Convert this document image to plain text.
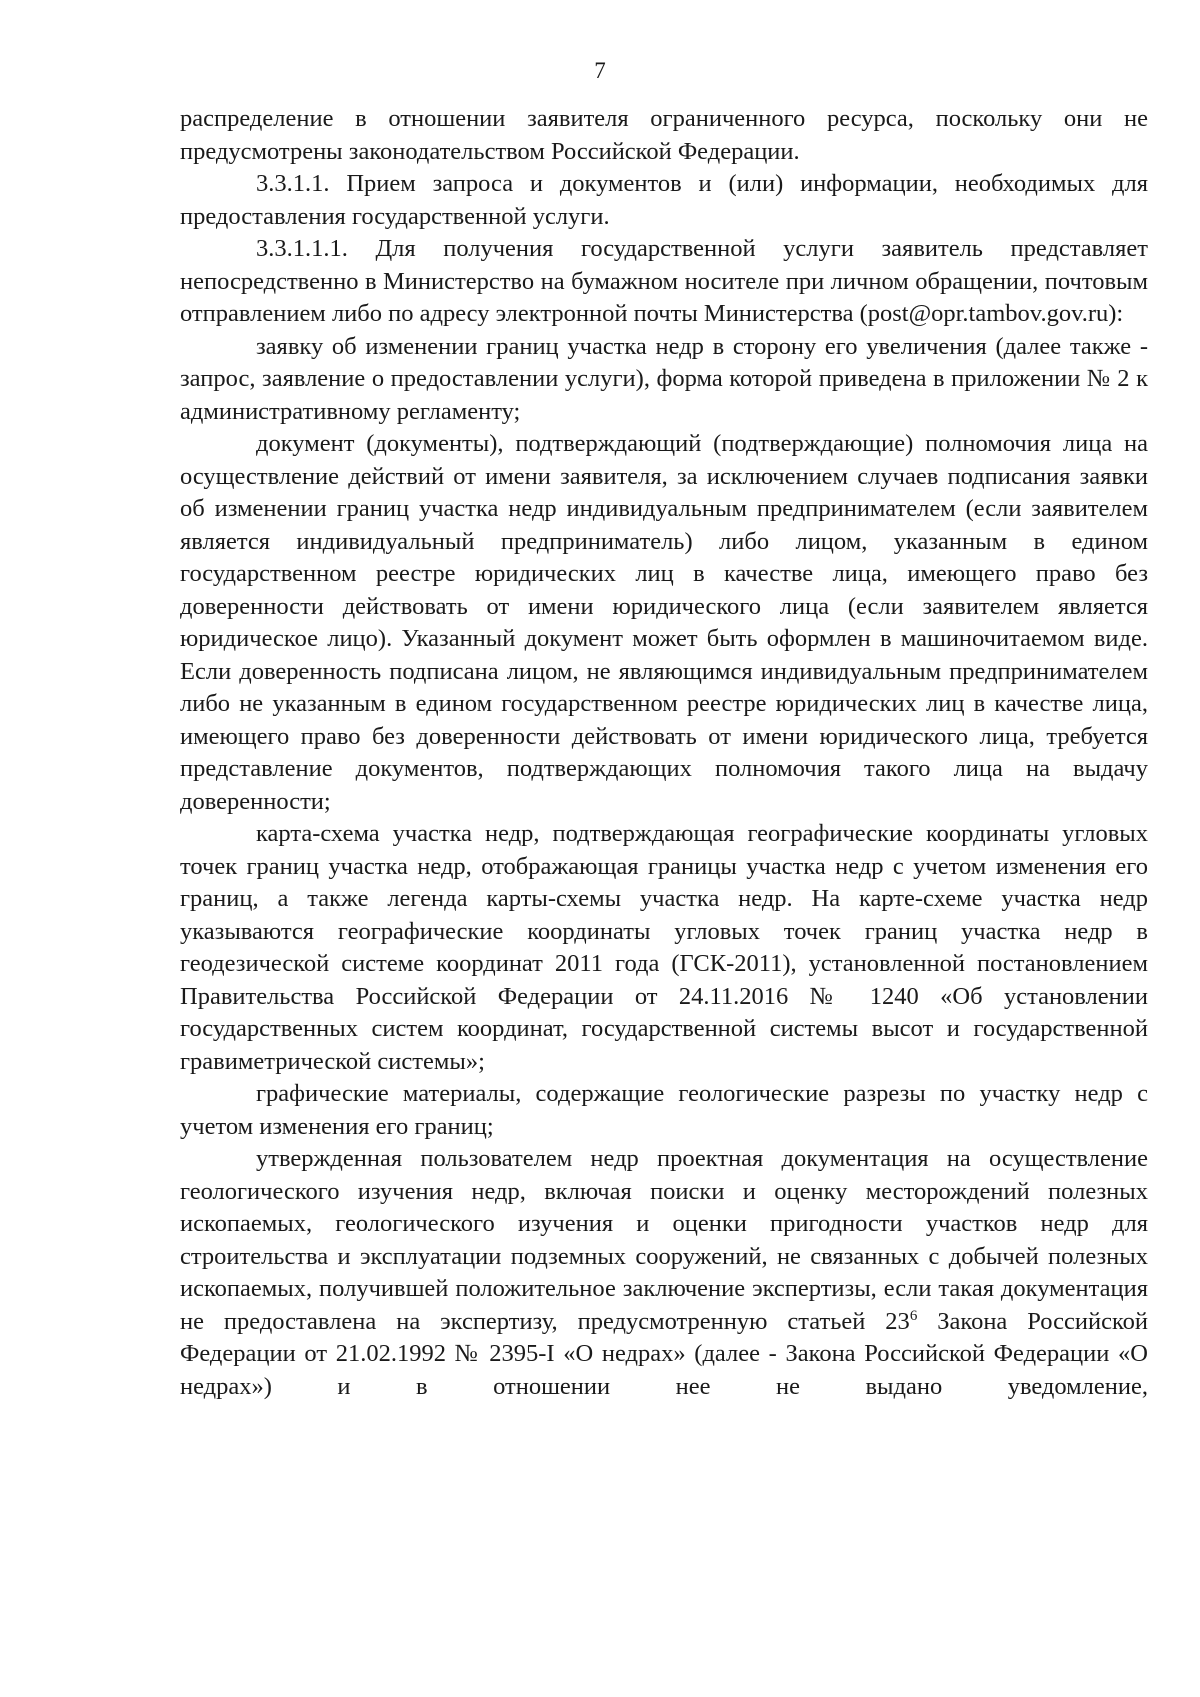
7

распределение в отношении заявителя ограниченного ресурса, поскольку они не предусмотрены законодательством Российской Федерации.

3.3.1.1. Прием запроса и документов и (или) информации, необходимых для предоставления государственной услуги.

3.3.1.1.1. Для получения государственной услуги заявитель представляет непосредственно в Министерство на бумажном носителе при личном обращении, почтовым отправлением либо по адресу электронной почты Министерства (post@opr.tambov.gov.ru):

заявку об изменении границ участка недр в сторону его увеличения (далее также - запрос, заявление о предоставлении услуги), форма которой приведена в приложении № 2 к административному регламенту;

документ (документы), подтверждающий (подтверждающие) полномочия лица на осуществление действий от имени заявителя, за исключением случаев подписания заявки об изменении границ участка недр индивидуальным предпринимателем (если заявителем является индивидуальный предприниматель) либо лицом, указанным в едином государственном реестре юридических лиц в качестве лица, имеющего право без доверенности действовать от имени юридического лица (если заявителем является юридическое лицо). Указанный документ может быть оформлен в машиночитаемом виде. Если доверенность подписана лицом, не являющимся индивидуальным предпринимателем либо не указанным в едином государственном реестре юридических лиц в качестве лица, имеющего право без доверенности действовать от имени юридического лица, требуется представление документов, подтверждающих полномочия такого лица на выдачу доверенности;

карта-схема участка недр, подтверждающая географические координаты угловых точек границ участка недр, отображающая границы участка недр с учетом изменения его границ, а также легенда карты-схемы участка недр. На карте-схеме участка недр указываются географические координаты угловых точек границ участка недр в геодезической системе координат 2011 года (ГСК-2011), установленной постановлением Правительства Российской Федерации от 24.11.2016 № 1240 «Об установлении государственных систем координат, государственной системы высот и государственной гравиметрической системы»;

графические материалы, содержащие геологические разрезы по участку недр с учетом изменения его границ;

утвержденная пользователем недр проектная документация на осуществление геологического изучения недр, включая поиски и оценку месторождений полезных ископаемых, геологического изучения и оценки пригодности участков недр для строительства и эксплуатации подземных сооружений, не связанных с добычей полезных ископаемых, получившей положительное заключение экспертизы, если такая документация не предоставлена на экспертизу, предусмотренную статьей $23^6$ Закона Российской Федерации от 21.02.1992 № 2395-I «О недрах» (далее - Закона Российской Федерации «О недрах») и в отношении нее не выдано уведомление,
